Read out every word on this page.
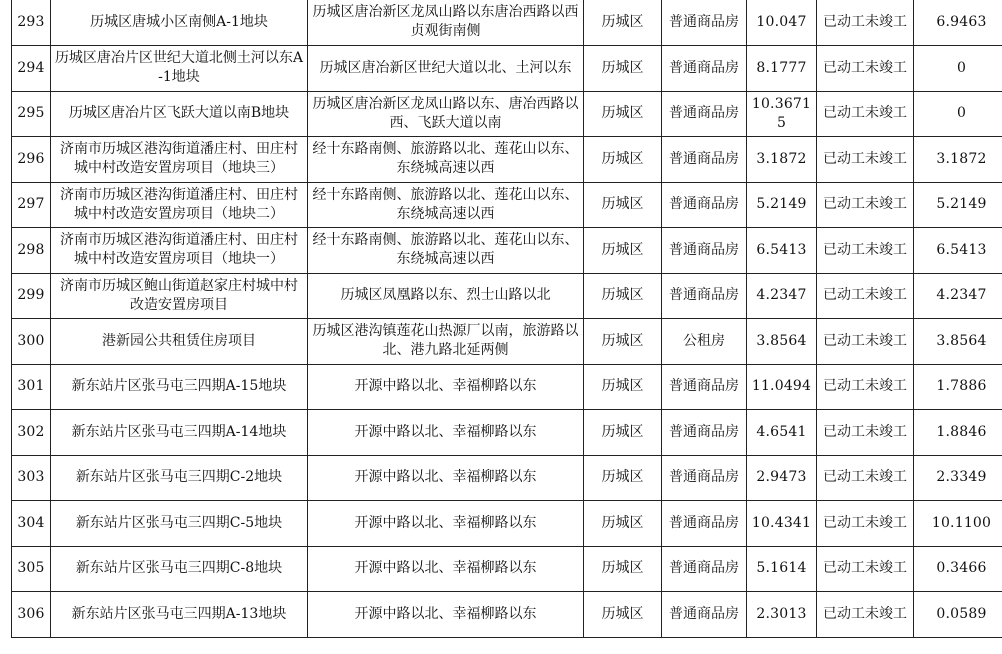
293	历城区唐城小区南侧A-1地块	历城区唐冶新区龙凤山路以东唐冶西路以西贞观街南侧	历城区	普通商品房	10.047	已动工未竣工	6.9463
294	历城区唐冶片区世纪大道北侧土河以东A-1地块	历城区唐冶新区世纪大道以北、土河以东	历城区	普通商品房	8.1777	已动工未竣工	0
295	历城区唐冶片区飞跃大道以南B地块	历城区唐冶新区龙凤山路以东、唐冶西路以西、飞跃大道以南	历城区	普通商品房	10.36715	已动工未竣工	0
296	济南市历城区港沟街道潘庄村、田庄村城中村改造安置房项目（地块三）	经十东路南侧、旅游路以北、莲花山以东、东绕城高速以西	历城区	普通商品房	3.1872	已动工未竣工	3.1872
297	济南市历城区港沟街道潘庄村、田庄村城中村改造安置房项目（地块二）	经十东路南侧、旅游路以北、莲花山以东、东绕城高速以西	历城区	普通商品房	5.2149	已动工未竣工	5.2149
298	济南市历城区港沟街道潘庄村、田庄村城中村改造安置房项目（地块一）	经十东路南侧、旅游路以北、莲花山以东、东绕城高速以西	历城区	普通商品房	6.5413	已动工未竣工	6.5413
299	济南市历城区鲍山街道赵家庄村城中村改造安置房项目	历城区凤凰路以东、烈士山路以北	历城区	普通商品房	4.2347	已动工未竣工	4.2347
300	港新园公共租赁住房项目	历城区港沟镇莲花山热源厂以南，旅游路以北、港九路北延两侧	历城区	公租房	3.8564	已动工未竣工	3.8564
301	新东站片区张马屯三四期A-15地块	开源中路以北、幸福柳路以东	历城区	普通商品房	11.0494	已动工未竣工	1.7886
302	新东站片区张马屯三四期A-14地块	开源中路以北、幸福柳路以东	历城区	普通商品房	4.6541	已动工未竣工	1.8846
303	新东站片区张马屯三四期C-2地块	开源中路以北、幸福柳路以东	历城区	普通商品房	2.9473	已动工未竣工	2.3349
304	新东站片区张马屯三四期C-5地块	开源中路以北、幸福柳路以东	历城区	普通商品房	10.4341	已动工未竣工	10.1100
305	新东站片区张马屯三四期C-8地块	开源中路以北、幸福柳路以东	历城区	普通商品房	5.1614	已动工未竣工	0.3466
306	新东站片区张马屯三四期A-13地块	开源中路以北、幸福柳路以东	历城区	普通商品房	2.3013	已动工未竣工	0.0589
